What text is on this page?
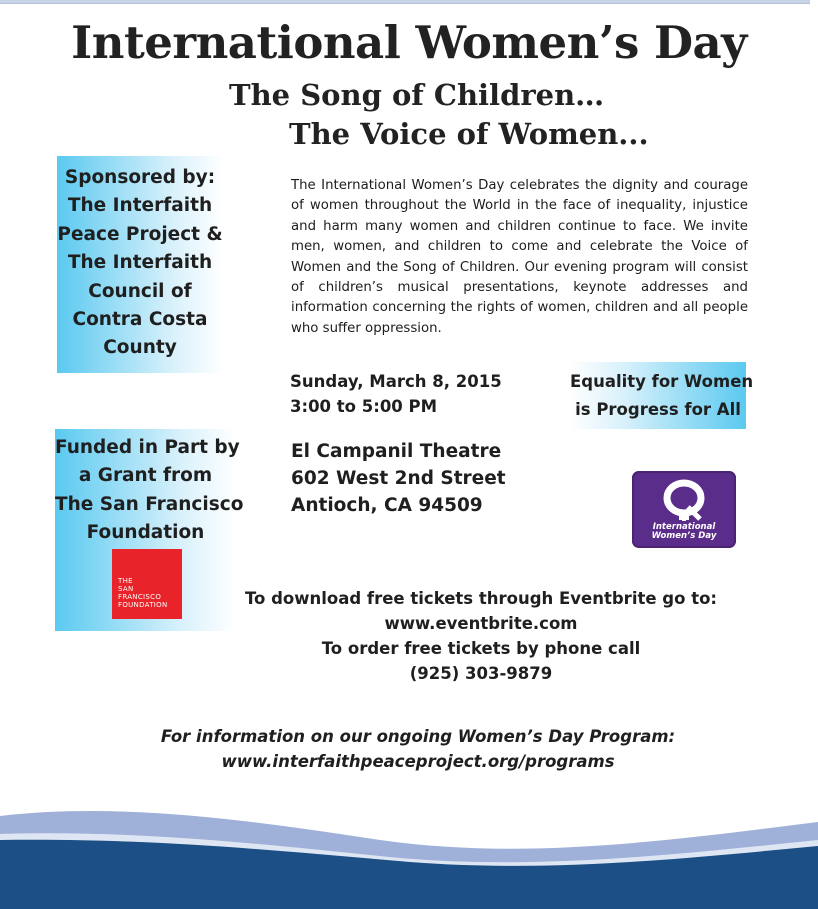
International Women’s Day
The Song of Children…
The Voice of Women...
Sponsored by:
The Interfaith
Peace Project &
The Interfaith
Council of
Contra Costa
County
Funded in Part by
a Grant from
The San Francisco
Foundation
THE
SAN
FRANCISCO
FOUNDATION

The International Women’s Day celebrates the dignity and courage of women throughout the World in the face of inequality, injustice and harm many women and children continue to face. We invite men, women, and children to come and celebrate the Voice of Women and the Song of Children. Our evening program will consist of children’s musical presentations, keynote addresses and information concerning the rights of women, children and all people who suffer oppression.

Sunday, March 8, 2015
3:00 to 5:00 PM
El Campanil Theatre
602 West 2nd Street
Antioch, CA 94509
Equality for Women
is Progress for All
International
Women’s Day
To download free tickets through Eventbrite go to:
www.eventbrite.com
To order free tickets by phone call
(925) 303-9879
For information on our ongoing Women’s Day Program:
www.interfaithpeaceproject.org/programs
